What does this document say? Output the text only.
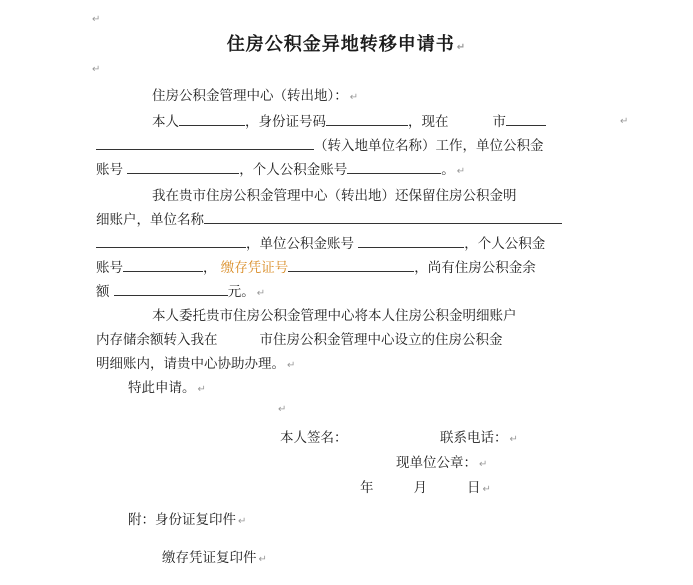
↵
住房公积金异地转移申请书 ↵
↵
住房公积金管理中心（转出地）： ↵
本人	，身份证号码	，现在	市	↵
（转入地单位名称）工作，单位公积金
账号	，个人公积金账号	。 ↵
我在贵市住房公积金管理中心（转出地）还保留住房公积金明
细账户，单位名称
，单位公积金账号	，个人公积金
账号	， 缴存凭证号	，尚有住房公积金余
额	元。 ↵
本人委托贵市住房公积金管理中心将本人住房公积金明细账户
内存储余额转入我在	市住房公积金管理中心设立的住房公积金
明细账内，请贵中心协助办理。 ↵
特此申请。 ↵
↵
本人签名：	联系电话： ↵
现单位公章： ↵
年	月	日 ↵
附：身份证复印件 ↵
缴存凭证复印件 ↵
